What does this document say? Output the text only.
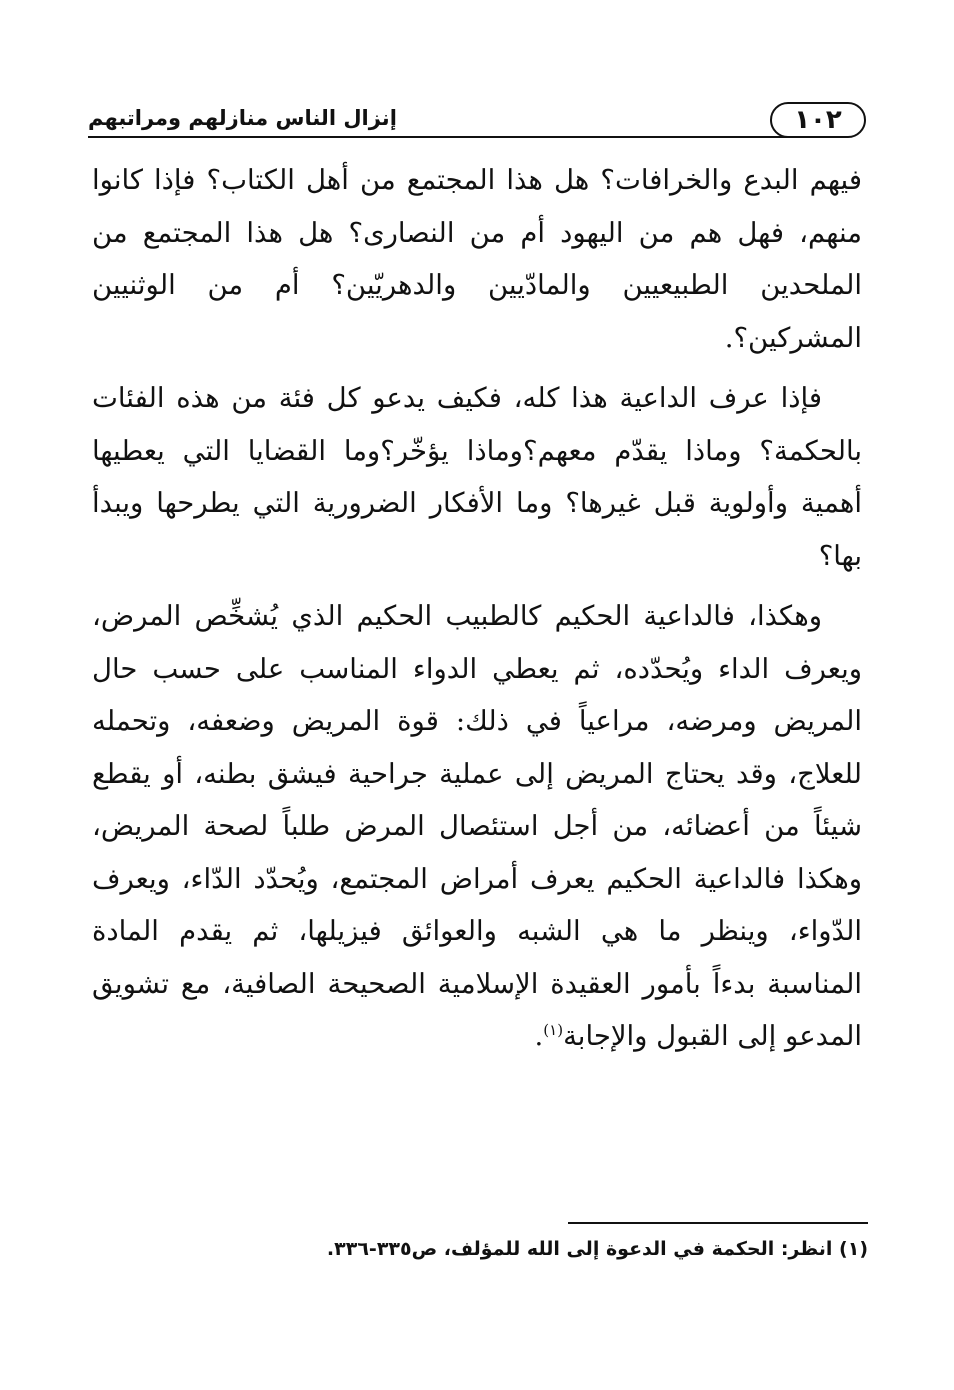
١٠٢
إنزال الناس منازلهم ومراتبهم

فيهم البدع والخرافات؟ هل هذا المجتمع من أهل الكتاب؟ فإذا كانوا منهم، فهل هم من اليهود أم من النصارى؟ هل هذا المجتمع من الملحدين الطبيعيين والمادّيين والدهريّين؟ أم من الوثنيين المشركين؟.

فإذا عرف الداعية هذا كله، فكيف يدعو كل فئة من هذه الفئات بالحكمة؟ وماذا يقدّم معهم؟وماذا يؤخّر؟وما القضايا التي يعطيها أهمية وأولوية قبل غيرها؟ وما الأفكار الضرورية التي يطرحها ويبدأ بها؟

وهكذا، فالداعية الحكيم كالطبيب الحكيم الذي يُشخِّص المرض، ويعرف الداء ويُحدّده، ثم يعطي الدواء المناسب على حسب حال المريض ومرضه، مراعياً في ذلك: قوة المريض وضعفه، وتحمله للعلاج، وقد يحتاج المريض إلى عملية جراحية فيشق بطنه، أو يقطع شيئاً من أعضائه، من أجل استئصال المرض طلباً لصحة المريض، وهكذا فالداعية الحكيم يعرف أمراض المجتمع، ويُحدّد الدّاء، ويعرف الدّواء، وينظر ما هي الشبه والعوائق فيزيلها، ثم يقدم المادة المناسبة بدءاً بأمور العقيدة الإسلامية الصحيحة الصافية، مع تشويق المدعو إلى القبول والإجابة$^{(١)}$.

(١) انظر: الحكمة في الدعوة إلى الله للمؤلف، ص٣٣٥-٣٣٦.
